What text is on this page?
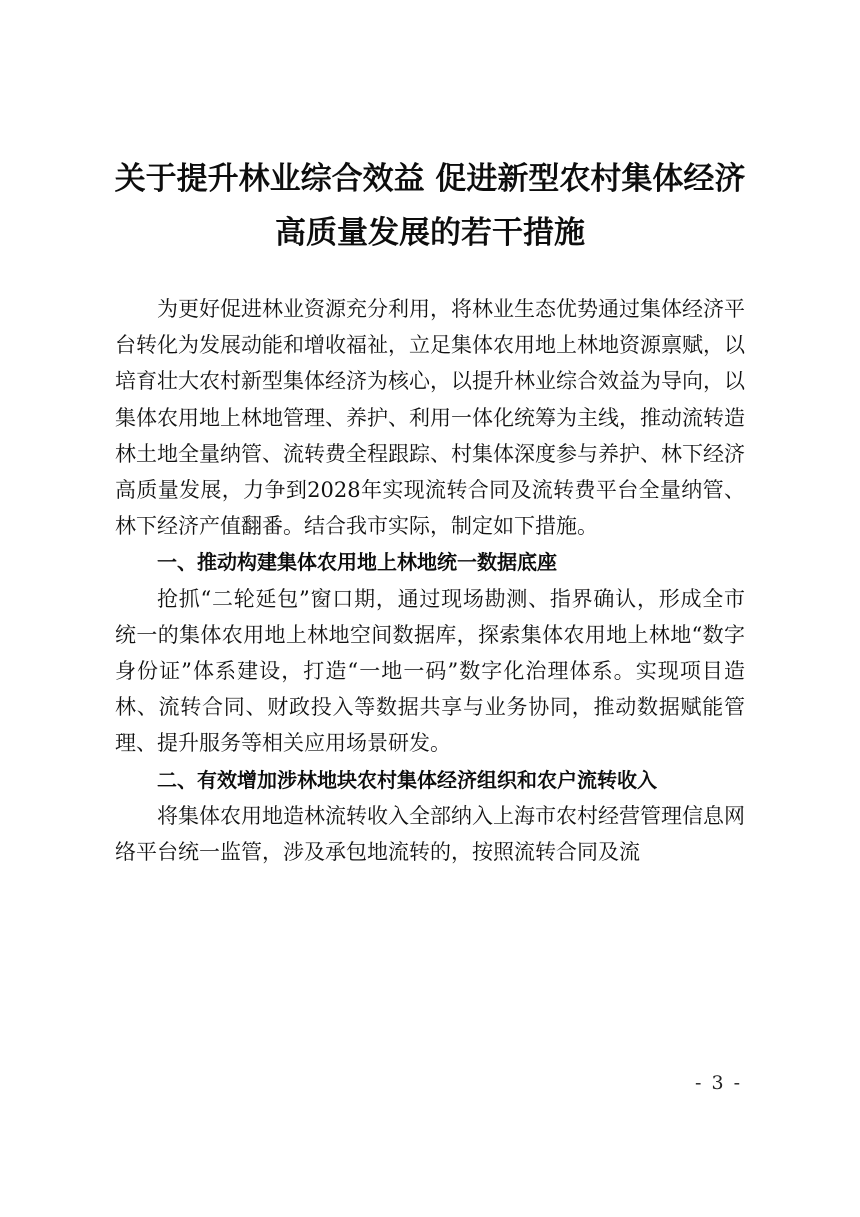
关于提升林业综合效益 促进新型农村集体经济
高质量发展的若干措施

为更好促进林业资源充分利用，将林业生态优势通过集体经济平台转化为发展动能和增收福祉，立足集体农用地上林地资源禀赋，以培育壮大农村新型集体经济为核心，以提升林业综合效益为导向，以集体农用地上林地管理、养护、利用一体化统筹为主线，推动流转造林土地全量纳管、流转费全程跟踪、村集体深度参与养护、林下经济高质量发展，力争到2028年实现流转合同及流转费平台全量纳管、林下经济产值翻番。结合我市实际，制定如下措施。

一、推动构建集体农用地上林地统一数据底座

抢抓“二轮延包”窗口期，通过现场勘测、指界确认，形成全市统一的集体农用地上林地空间数据库，探索集体农用地上林地“数字身份证”体系建设，打造“一地一码”数字化治理体系。实现项目造林、流转合同、财政投入等数据共享与业务协同，推动数据赋能管理、提升服务等相关应用场景研发。

二、有效增加涉林地块农村集体经济组织和农户流转收入

将集体农用地造林流转收入全部纳入上海市农村经营管理信息网络平台统一监管，涉及承包地流转的，按照流转合同及流

- 3 -
